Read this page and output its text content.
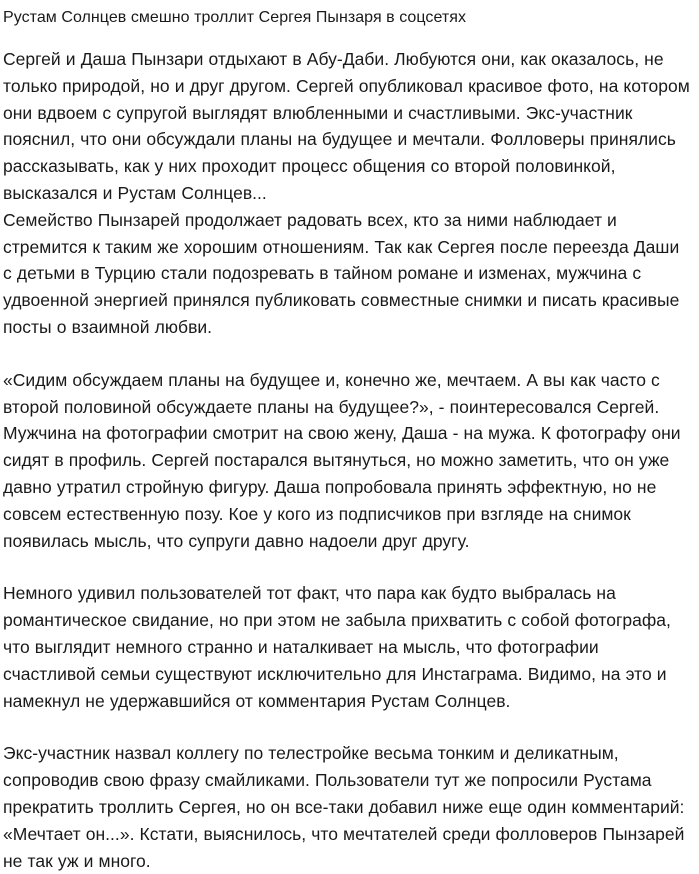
Рустам Солнцев смешно троллит Сергея Пынзаря в соцсетях

Сергей и Даша Пынзари отдыхают в Абу-Даби. Любуются они, как оказалось, не только природой, но и друг другом. Сергей опубликовал красивое фото, на котором они вдвоем с супругой выглядят влюбленными и счастливыми. Экс-участник пояснил, что они обсуждали планы на будущее и мечтали. Фолловеры принялись рассказывать, как у них проходит процесс общения со второй половинкой, высказался и Рустам Солнцев...

Семейство Пынзарей продолжает радовать всех, кто за ними наблюдает и стремится к таким же хорошим отношениям. Так как Сергея после переезда Даши с детьми в Турцию стали подозревать в тайном романе и изменах, мужчина с удвоенной энергией принялся публиковать совместные снимки и писать красивые посты о взаимной любви.

«Сидим обсуждаем планы на будущее и, конечно же, мечтаем. А вы как часто с второй половиной обсуждаете планы на будущее?», - поинтересовался Сергей. Мужчина на фотографии смотрит на свою жену, Даша - на мужа. К фотографу они сидят в профиль. Сергей постарался вытянуться, но можно заметить, что он уже давно утратил стройную фигуру. Даша попробовала принять эффектную, но не совсем естественную позу. Кое у кого из подписчиков при взгляде на снимок появилась мысль, что супруги давно надоели друг другу.

Немного удивил пользователей тот факт, что пара как будто выбралась на романтическое свидание, но при этом не забыла прихватить с собой фотографа, что выглядит немного странно и наталкивает на мысль, что фотографии счастливой семьи существуют исключительно для Инстаграма. Видимо, на это и намекнул не удержавшийся от комментария Рустам Солнцев.

Экс-участник назвал коллегу по телестройке весьма тонким и деликатным, сопроводив свою фразу смайликами. Пользователи тут же попросили Рустама прекратить троллить Сергея, но он все-таки добавил ниже еще один комментарий: «Мечтает он...». Кстати, выяснилось, что мечтателей среди фолловеров Пынзарей не так уж и много.
